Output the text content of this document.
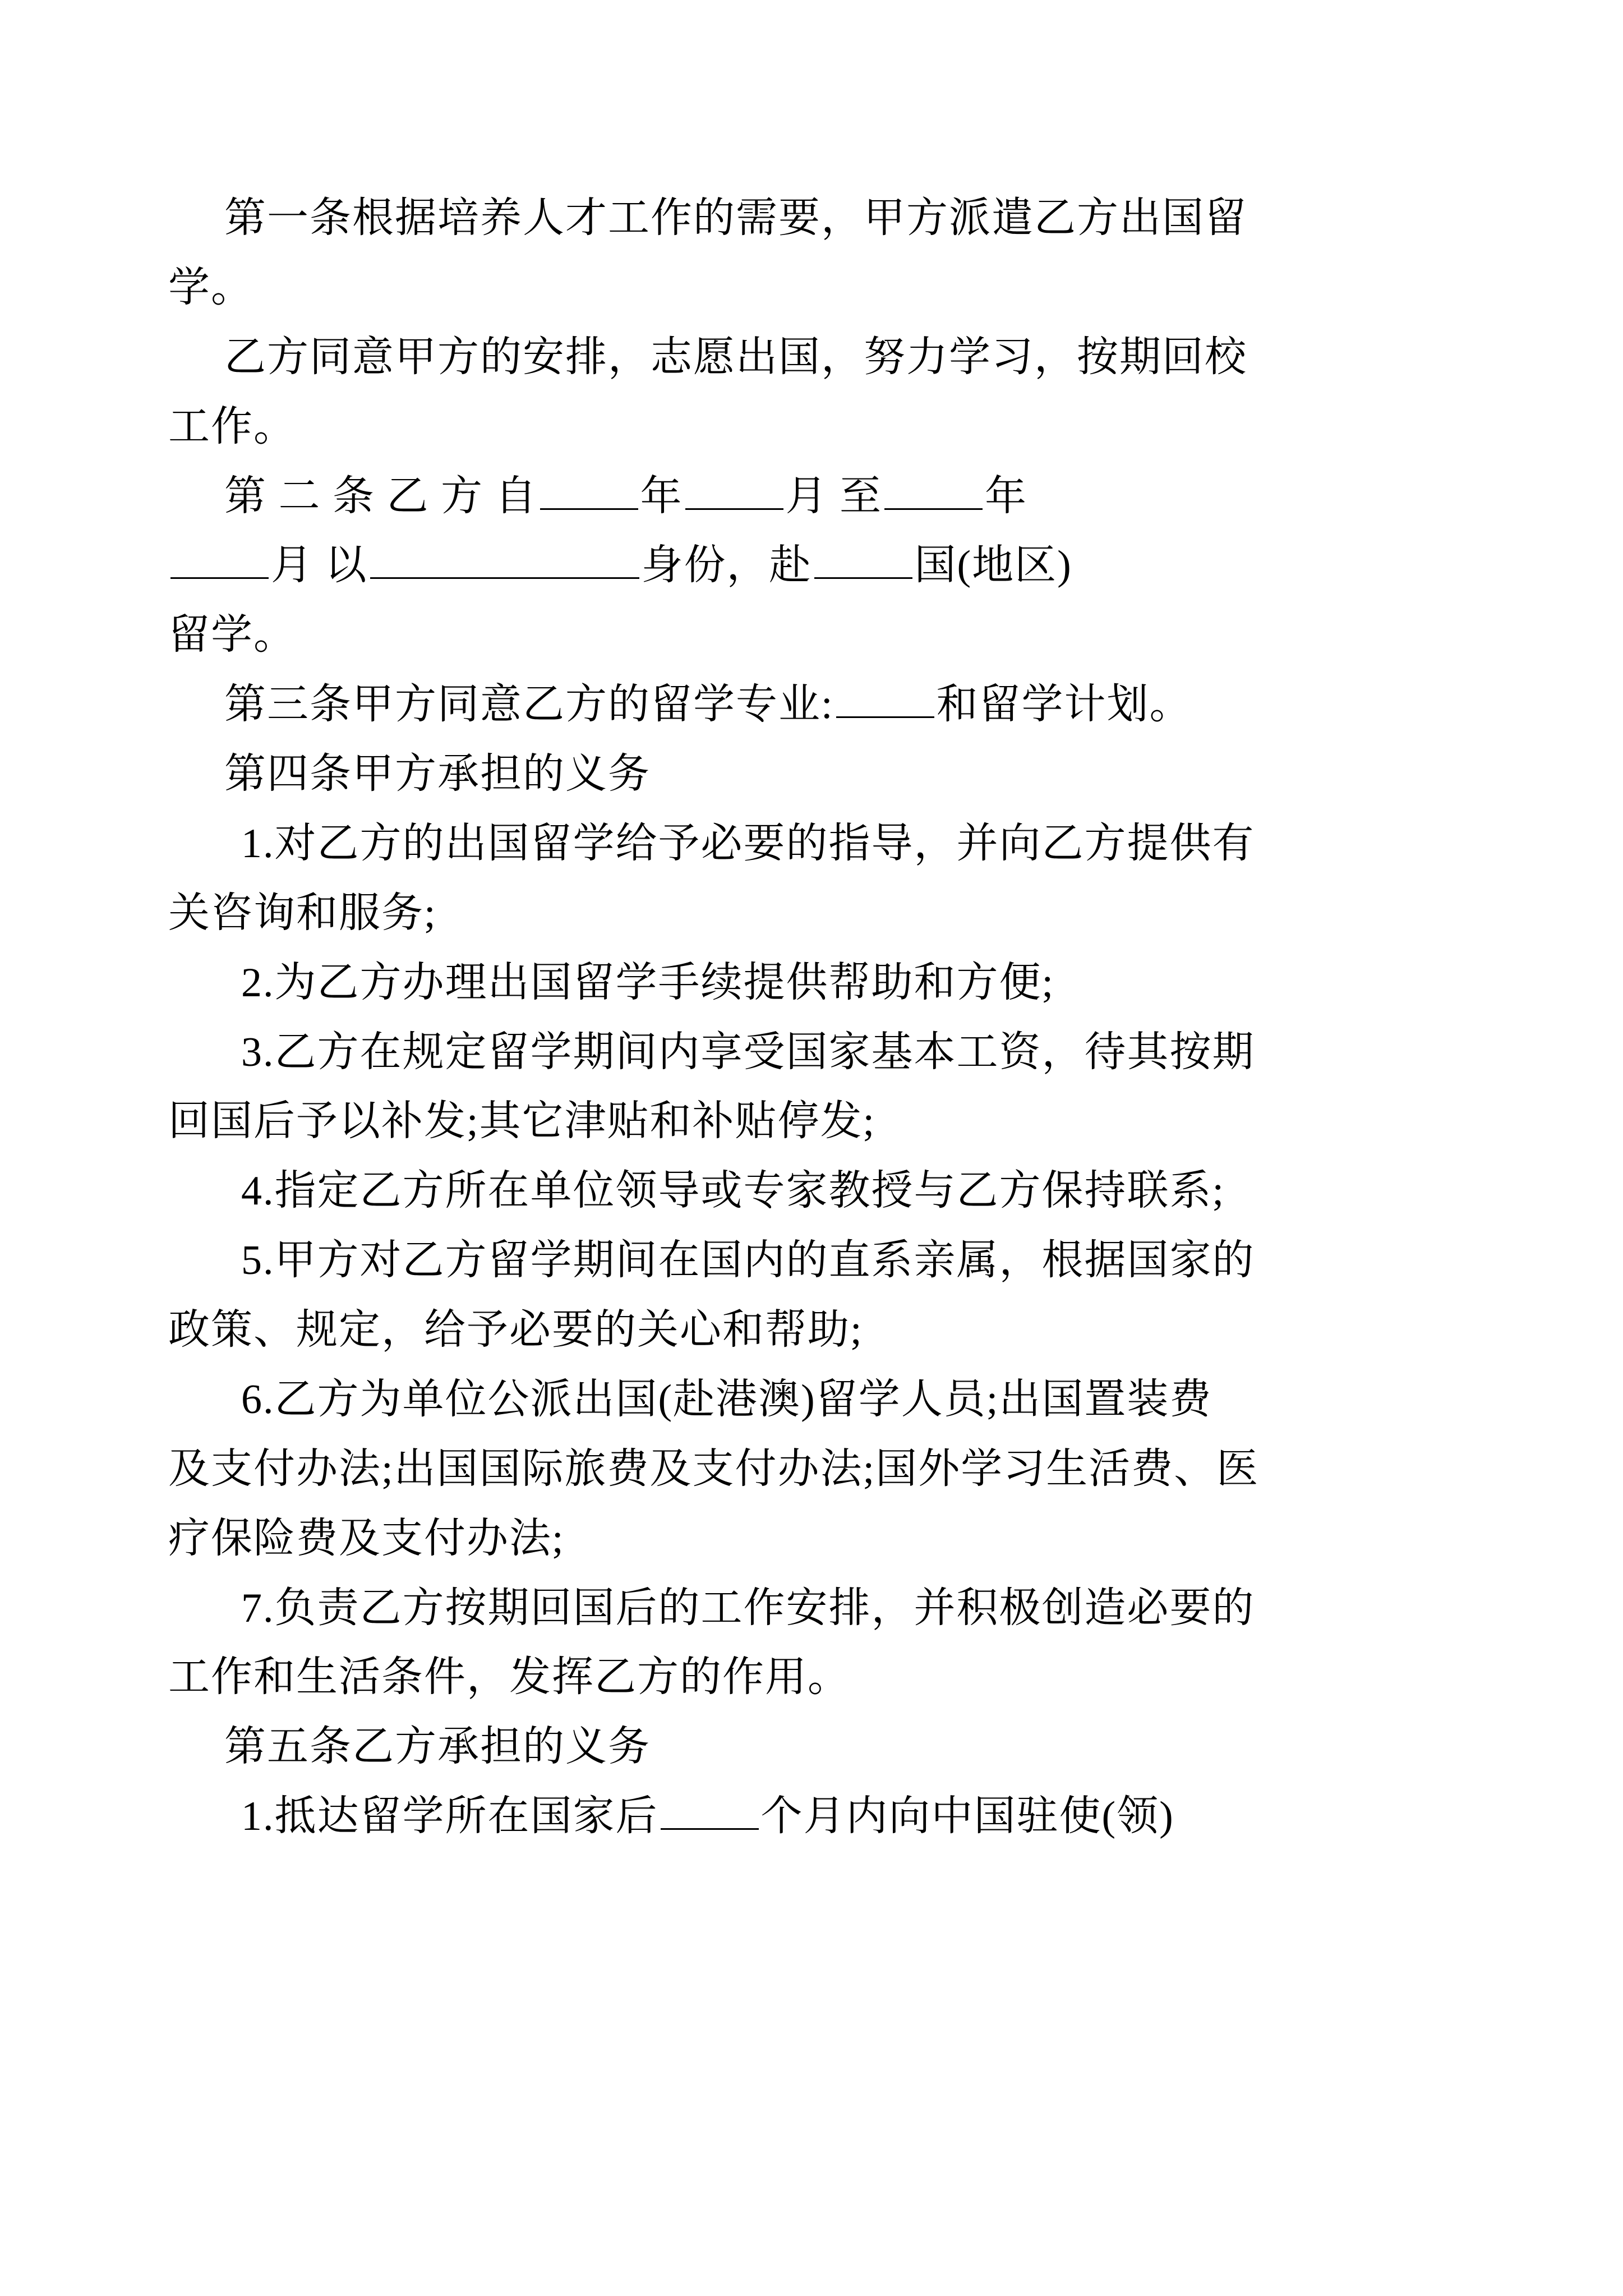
第一条根据培养人才工作的需要，甲方派遣乙方出国留

学。

乙方同意甲方的安排，志愿出国，努力学习，按期回校

工作。

第 二 条 乙 方 自 年 月 至 年

月 以	身份，赴 国(地区)

留学。

第三条甲方同意乙方的留学专业: 和留学计划。

第四条甲方承担的义务

1.对乙方的出国留学给予必要的指导，并向乙方提供有

关咨询和服务;

2.为乙方办理出国留学手续提供帮助和方便;

3.乙方在规定留学期间内享受国家基本工资，待其按期

回国后予以补发;其它津贴和补贴停发;

4.指定乙方所在单位领导或专家教授与乙方保持联系;

5.甲方对乙方留学期间在国内的直系亲属，根据国家的

政策、规定，给予必要的关心和帮助;

6.乙方为单位公派出国(赴港澳)留学人员;出国置装费

及支付办法;出国国际旅费及支付办法;国外学习生活费、医

疗保险费及支付办法;

7.负责乙方按期回国后的工作安排，并积极创造必要的

工作和生活条件，发挥乙方的作用。

第五条乙方承担的义务

1.抵达留学所在国家后 个月内向中国驻使(领)
